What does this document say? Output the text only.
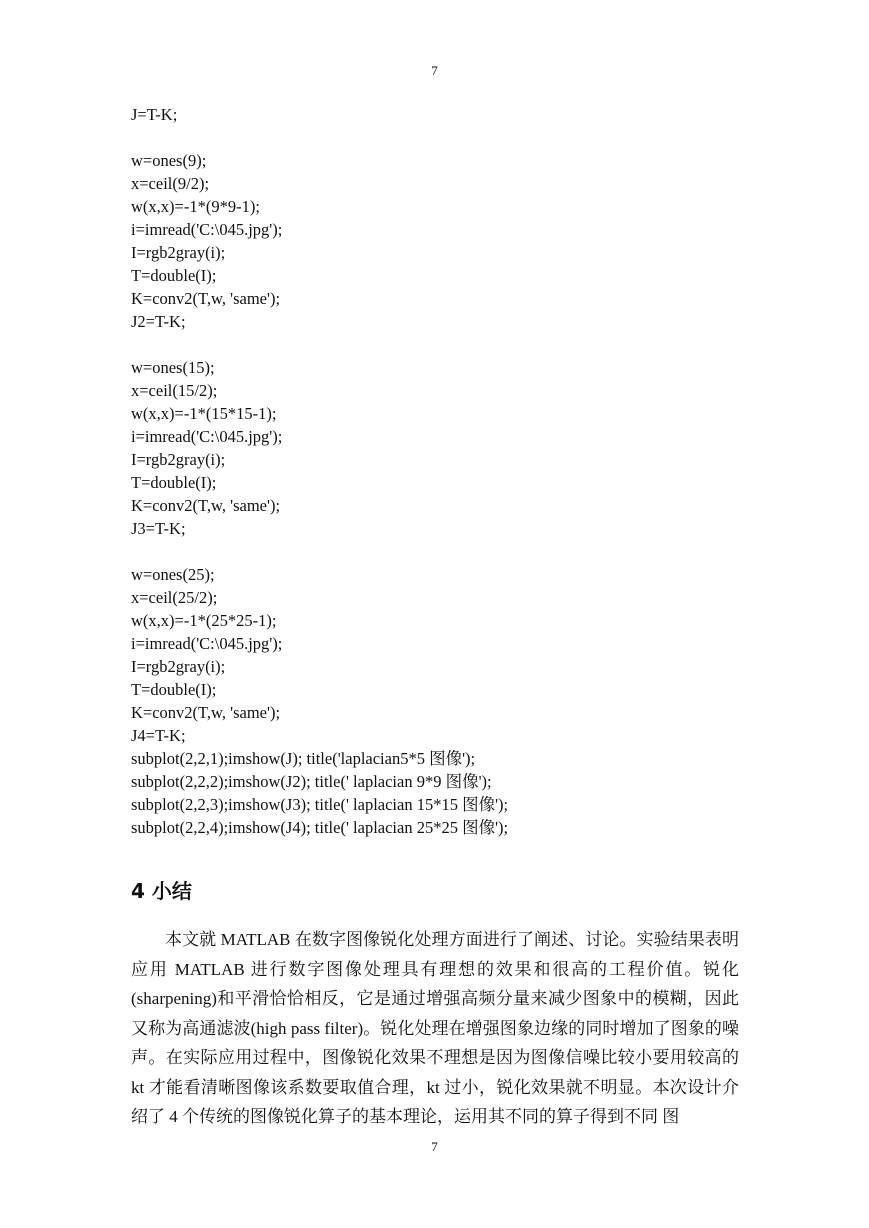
7
J=T-K;
w=ones(9);
x=ceil(9/2);
w(x,x)=-1*(9*9-1);
i=imread('C:\045.jpg');
I=rgb2gray(i);
T=double(I);
K=conv2(T,w, 'same');
J2=T-K;
w=ones(15);
x=ceil(15/2);
w(x,x)=-1*(15*15-1);
i=imread('C:\045.jpg');
I=rgb2gray(i);
T=double(I);
K=conv2(T,w, 'same');
J3=T-K;
w=ones(25);
x=ceil(25/2);
w(x,x)=-1*(25*25-1);
i=imread('C:\045.jpg');
I=rgb2gray(i);
T=double(I);
K=conv2(T,w, 'same');
J4=T-K;
subplot(2,2,1);imshow(J); title('laplacian5*5 图像');
subplot(2,2,2);imshow(J2); title(' laplacian 9*9 图像');
subplot(2,2,3);imshow(J3); title(' laplacian 15*15 图像');
subplot(2,2,4);imshow(J4); title(' laplacian 25*25 图像');
4 小结
本文就 MATLAB 在数字图像锐化处理方面进行了阐述、讨论。实验结果表明应用 MATLAB 进行数字图像处理具有理想的效果和很高的工程价值。锐化(sharpening)和平滑恰恰相反，它是通过增强高频分量来减少图象中的模糊，因此又称为高通滤波(high pass filter)。锐化处理在增强图象边缘的同时增加了图象的噪声。在实际应用过程中，图像锐化效果不理想是因为图像信噪比较小要用较高的 kt 才能看清晰图像该系数要取值合理，kt 过小，锐化效果就不明显。本次设计介绍了 4 个传统的图像锐化算子的基本理论，运用其不同的算子得到不同 图
7
